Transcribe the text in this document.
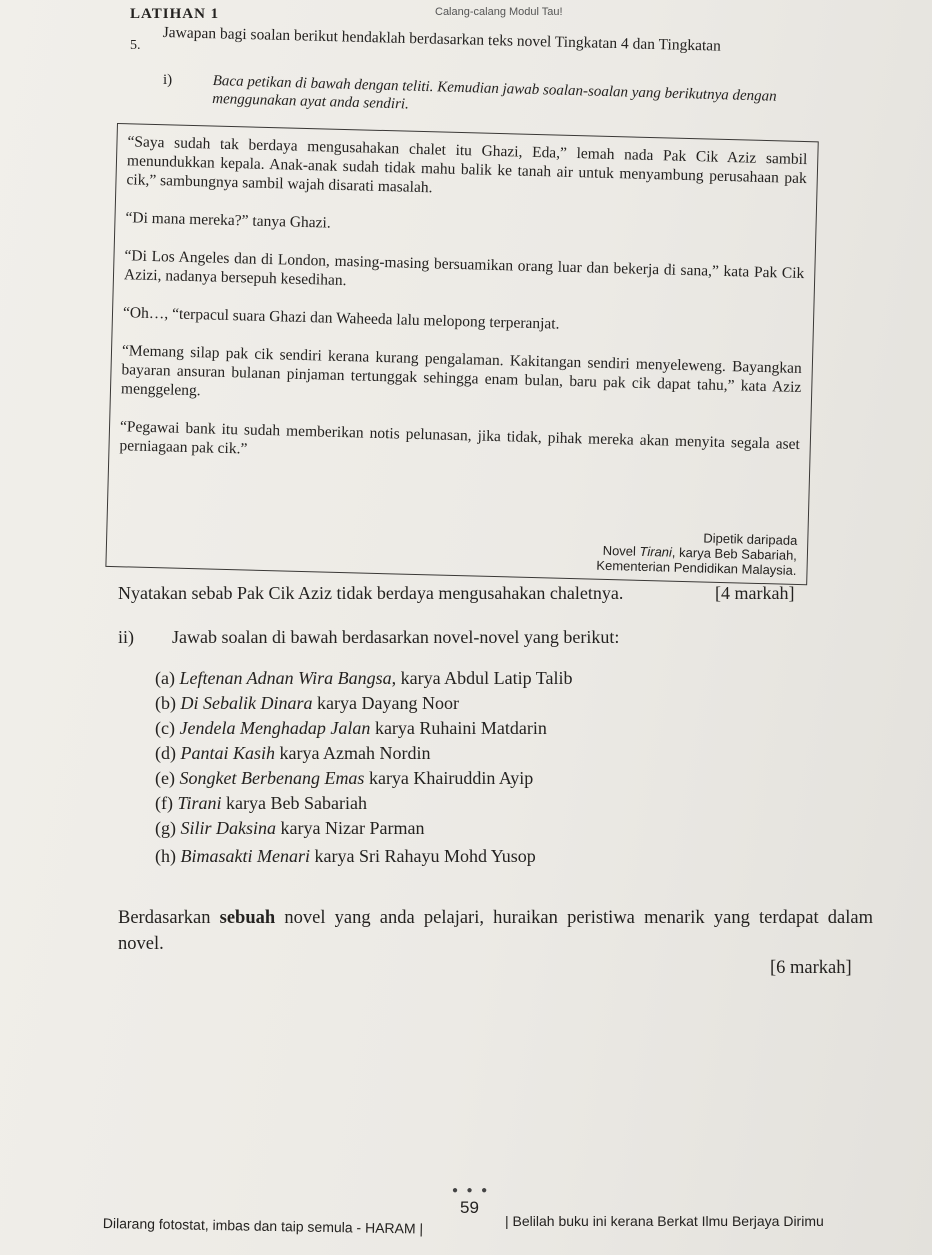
LATIHAN 1	Calang-calang Modul Tau!
5. Jawapan bagi soalan berikut hendaklah berdasarkan teks novel Tingkatan 4 dan Tingkatan
i)	Baca petikan di bawah dengan teliti. Kemudian jawab soalan-soalan yang berikutnya dengan menggunakan ayat anda sendiri.

“Saya sudah tak berdaya mengusahakan chalet itu Ghazi, Eda,” lemah nada Pak Cik Aziz sambil menundukkan kepala. Anak-anak sudah tidak mahu balik ke tanah air untuk menyambung perusahaan pak cik,” sambungnya sambil wajah disarati masalah.

“Di mana mereka?” tanya Ghazi.

“Di Los Angeles dan di London, masing-masing bersuamikan orang luar dan bekerja di sana,” kata Pak Cik Azizi, nadanya bersepuh kesedihan.

“Oh…, “terpacul suara Ghazi dan Waheeda lalu melopong terperanjat.

“Memang silap pak cik sendiri kerana kurang pengalaman. Kakitangan sendiri menyeleweng. Bayangkan bayaran ansuran bulanan pinjaman tertunggak sehingga enam bulan, baru pak cik dapat tahu,” kata Aziz menggeleng.

“Pegawai bank itu sudah memberikan notis pelunasan, jika tidak, pihak mereka akan menyita segala aset perniagaan pak cik.”

Dipetik daripada
Novel Tirani, karya Beb Sabariah,
Kementerian Pendidikan Malaysia.
Nyatakan sebab Pak Cik Aziz tidak berdaya mengusahakan chaletnya.	[4 markah]
ii) Jawab soalan di bawah berdasarkan novel-novel yang berikut:
(a) Leftenan Adnan Wira Bangsa, karya Abdul Latip Talib
(b) Di Sebalik Dinara karya Dayang Noor
(c) Jendela Menghadap Jalan karya Ruhaini Matdarin
(d) Pantai Kasih karya Azmah Nordin
(e) Songket Berbenang Emas karya Khairuddin Ayip
(f) Tirani karya Beb Sabariah
(g) Silir Daksina karya Nizar Parman
(h) Bimasakti Menari karya Sri Rahayu Mohd Yusop
Berdasarkan sebuah novel yang anda pelajari, huraikan peristiwa menarik yang terdapat dalam novel.
[6 markah]
● ● ●
59
Dilarang fotostat, imbas dan taip semula - HARAM |	| Belilah buku ini kerana Berkat Ilmu Berjaya Dirimu
